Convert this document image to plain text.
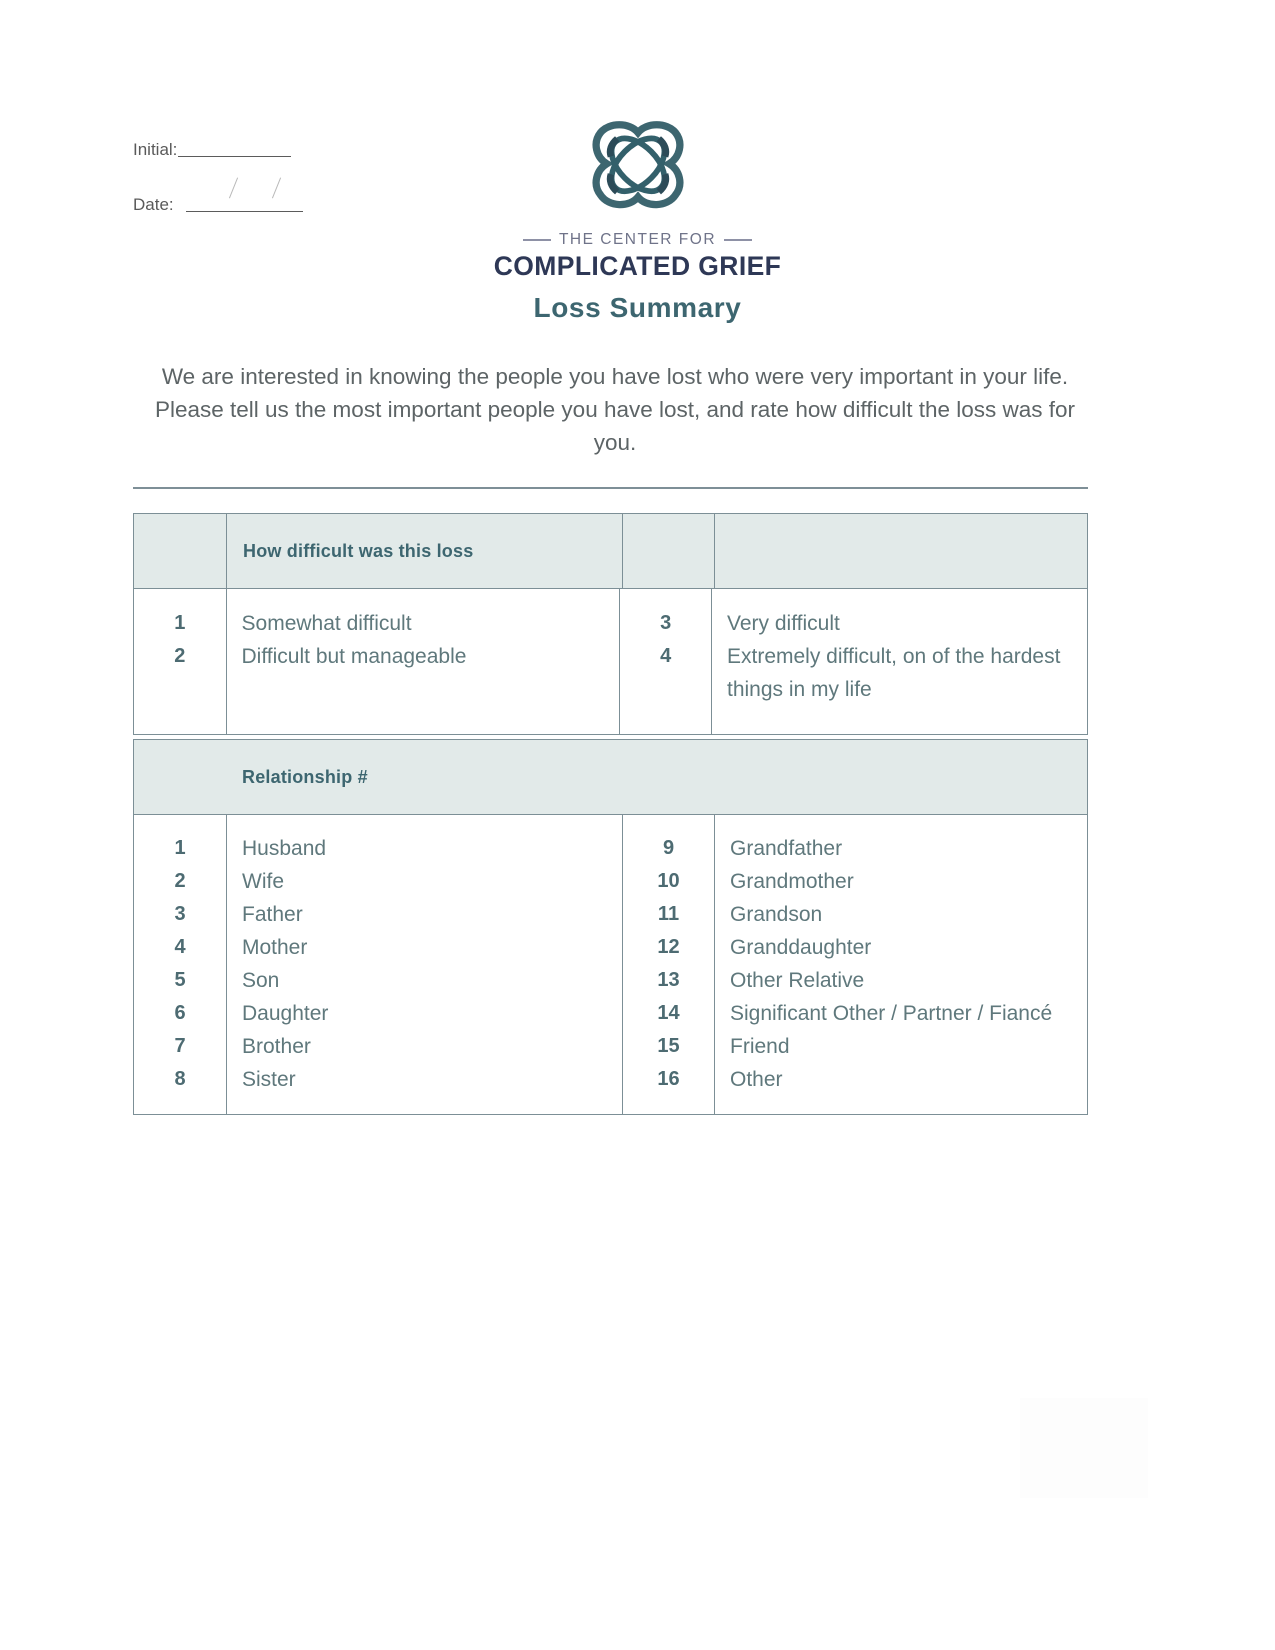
Initial:
Date:
THE CENTER FOR
COMPLICATED GRIEF
Loss Summary
We are interested in knowing the people you have lost who were very important in your life. Please tell us the most important people you have lost, and rate how difficult the loss was for you.
How difficult was this loss
1
2
Somewhat difficult
Difficult but manageable
3
4
Very difficult
Extremely difficult, on of the hardest things in my life
Relationship #
1
2
3
4
5
6
7
8
Husband
Wife
Father
Mother
Son
Daughter
Brother
Sister
9
10
11
12
13
14
15
16
Grandfather
Grandmother
Grandson
Granddaughter
Other Relative
Significant Other / Partner / Fiancé
Friend
Other
